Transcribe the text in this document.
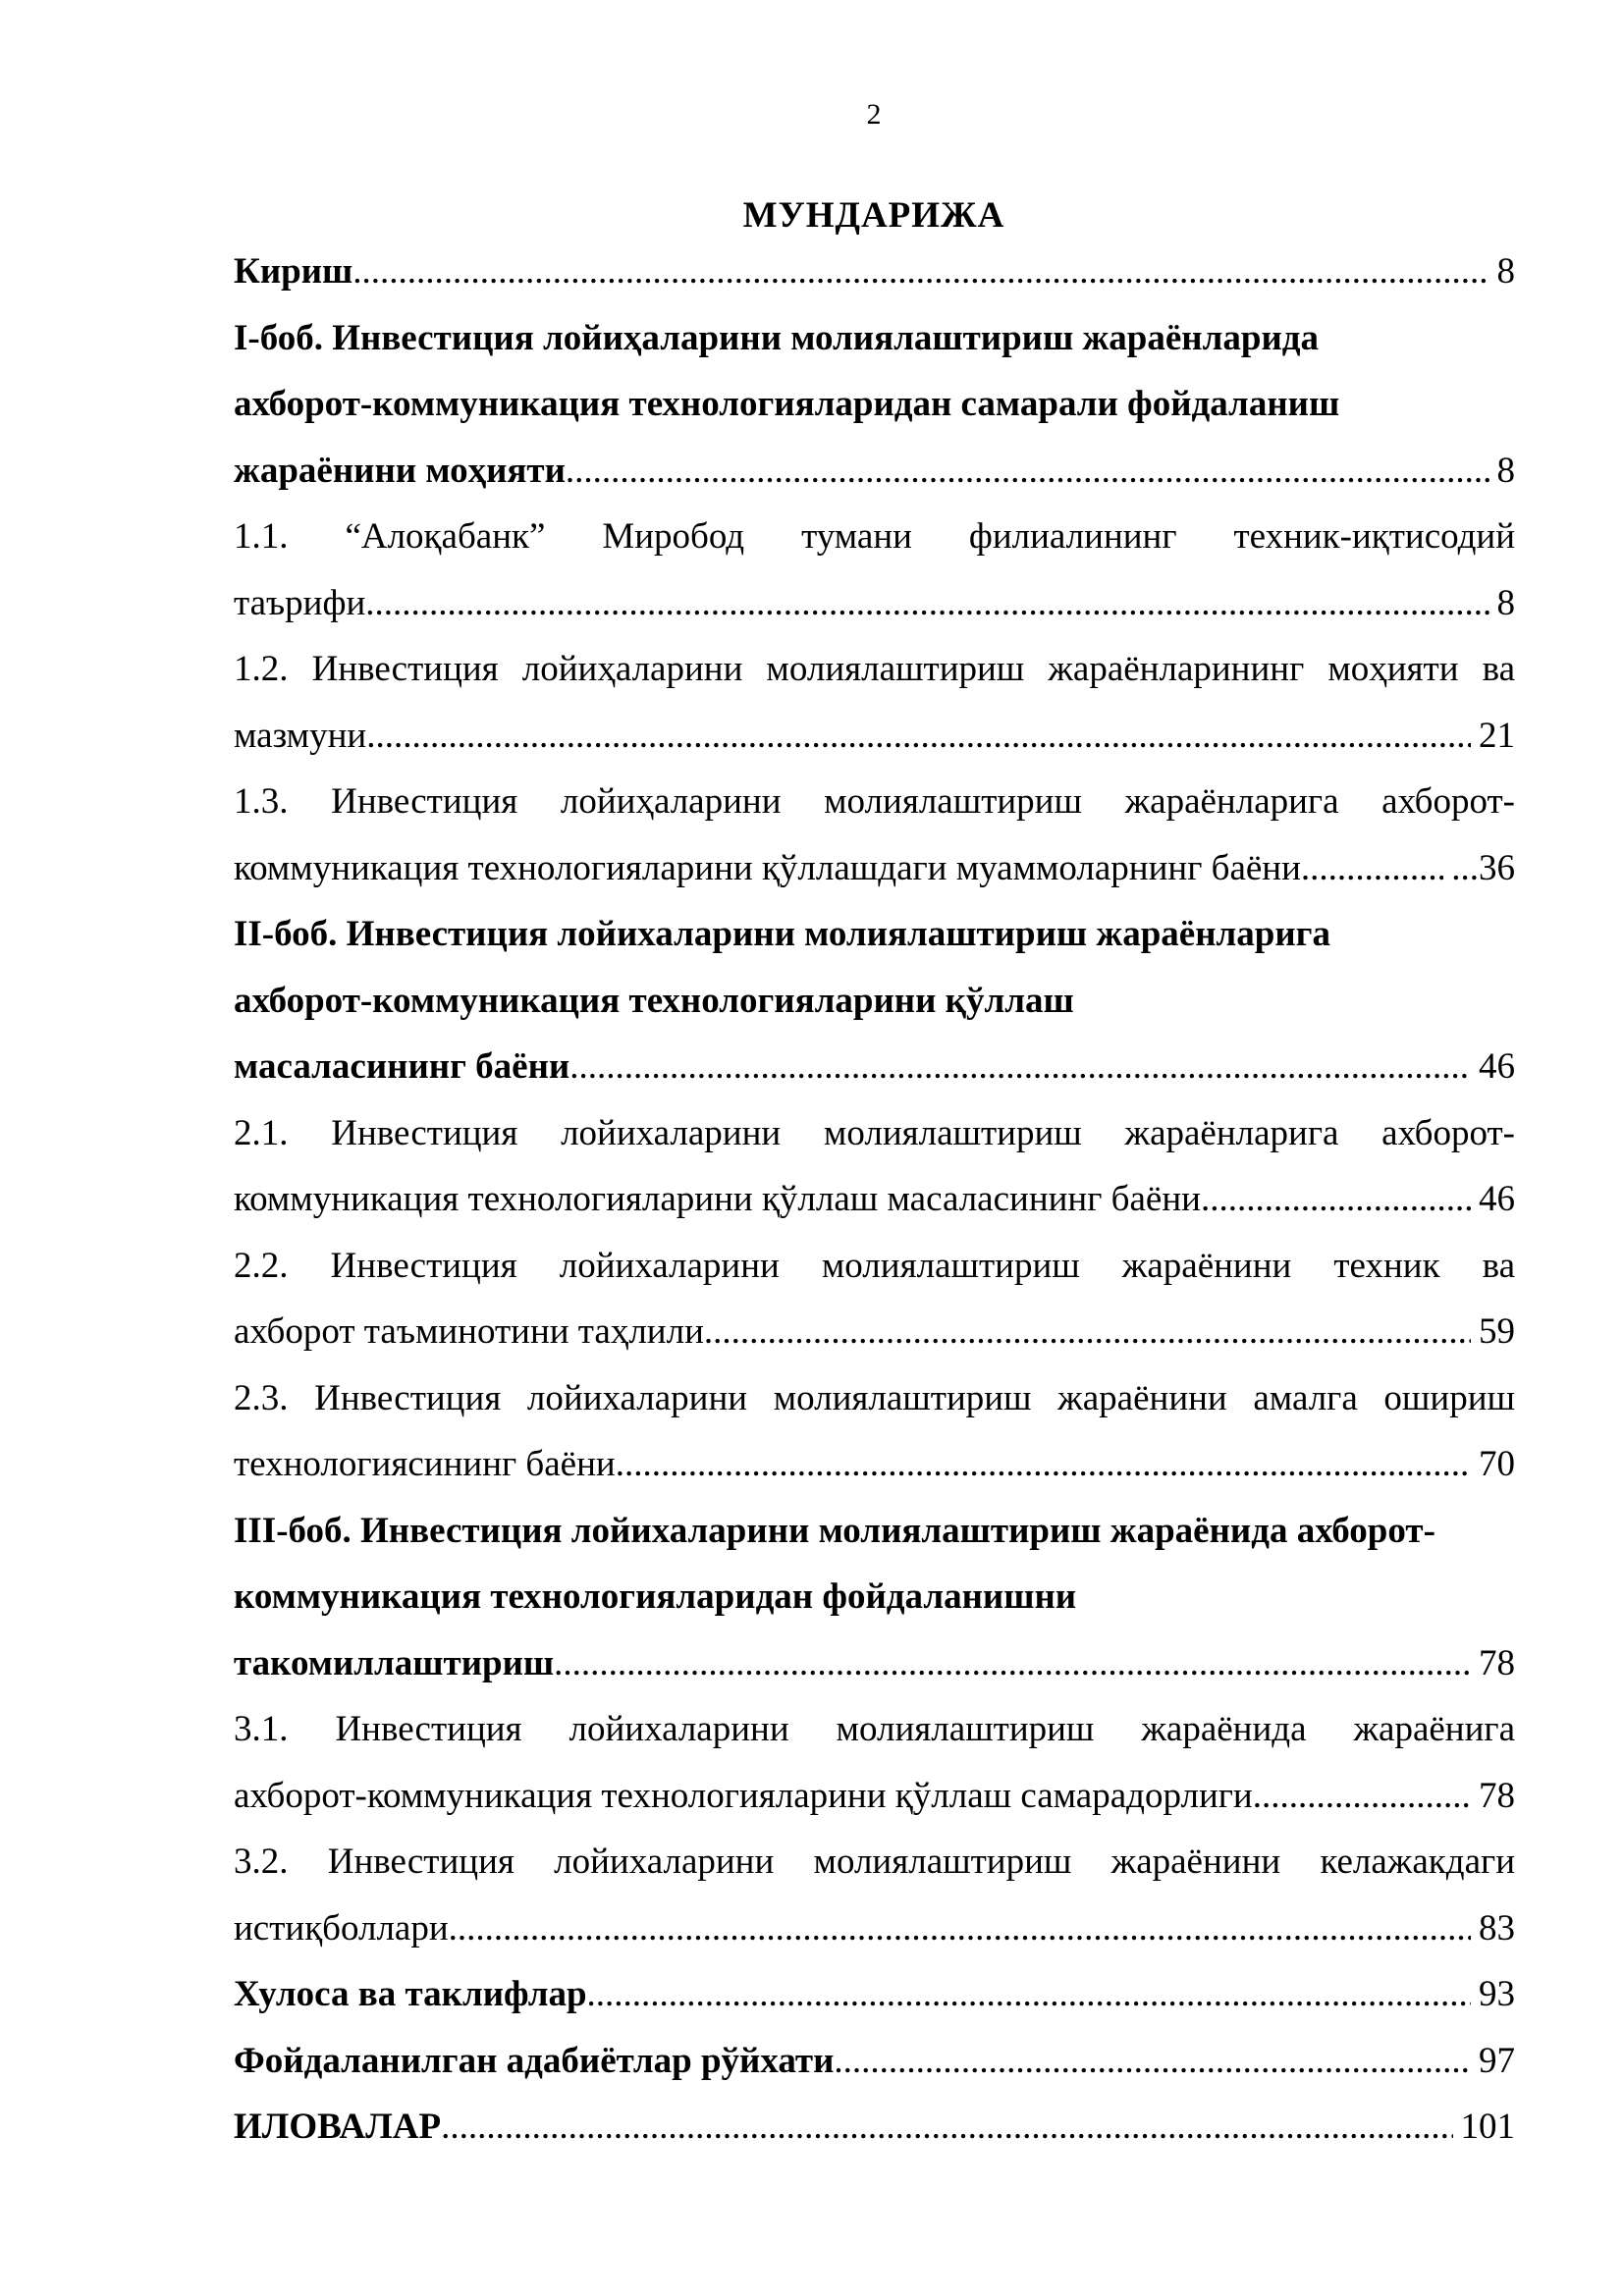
2
МУНДАРИЖА
Кириш .....	8
I-боб. Инвестиция лойиҳаларини молиялаштириш жараёнларида
ахборот-коммуникация технологияларидан самарали фойдаланиш
жараёнини моҳияти .....	8
1.1. “Алоқабанк” Миробод тумани филиалининг техник-иқтисодий
таърифи .....	8
1.2. Инвестиция лойиҳаларини молиялаштириш жараёнларининг моҳияти ва
мазмуни .....	21
1.3. Инвестиция лойиҳаларини молиялаштириш жараёнларига ахборот-
коммуникация технологияларини қўллашдаги муаммоларнинг баёни .....	...36
II-боб. Инвестиция лойихаларини молиялаштириш жараёнларига
ахборот-коммуникация технологияларини қўллаш
масаласининг баёни .....	46
2.1. Инвестиция лойихаларини молиялаштириш жараёнларига ахборот-
коммуникация технологияларини қўллаш масаласининг баёни .....	46
2.2. Инвестиция лойихаларини молиялаштириш жараёнини техник ва
ахборот таъминотини таҳлили .....	59
2.3. Инвестиция лойихаларини молиялаштириш жараёнини амалга ошириш
технологиясининг баёни .....	70
III-боб. Инвестиция лойихаларини молиялаштириш жараёнида ахборот-
коммуникация технологияларидан фойдаланишни
такомиллаштириш .....	78
3.1. Инвестиция лойихаларини молиялаштириш жараёнида жараёнига
ахборот-коммуникация технологияларини қўллаш самарадорлиги .....	78
3.2. Инвестиция лойихаларини молиялаштириш жараёнини келажакдаги
истиқболлари .....	83
Хулоса ва таклифлар .....	93
Фойдаланилган адабиётлар рўйхати .....	97
ИЛОВАЛАР .....	101
